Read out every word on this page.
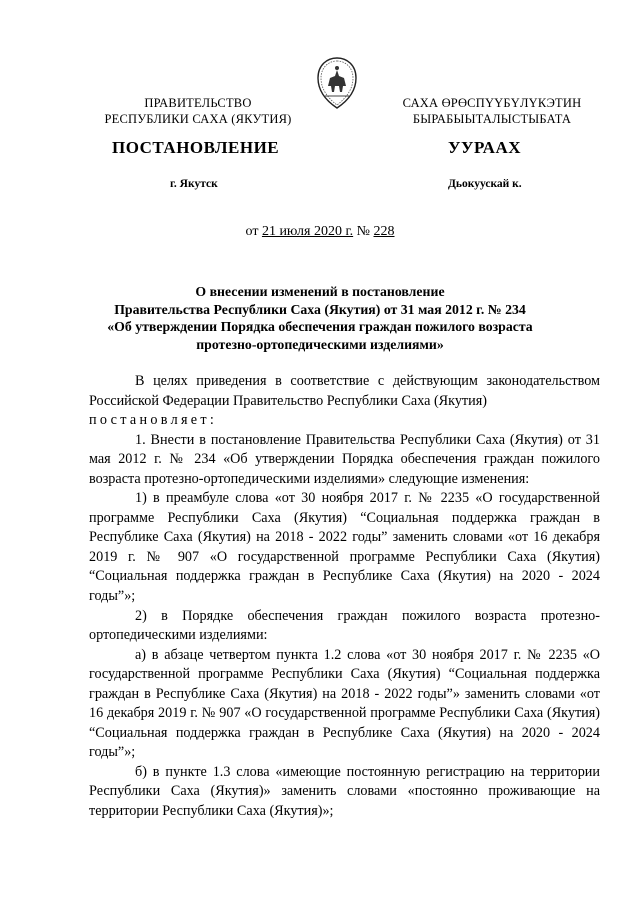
ПРАВИТЕЛЬСТВО
РЕСПУБЛИКИ САХА (ЯКУТИЯ)
САХА ӨРӨСПҮҮБҮЛҮКЭТИН
БЫРАБЫЫТАЛЫСТЫБАТА
ПОСТАНОВЛЕНИЕ	УУРААХ
г. Якутск	Дьокуускай к.
от 21 июля 2020 г. № 228
О внесении изменений в постановление
Правительства Республики Саха (Якутия) от 31 мая 2012 г. № 234
«Об утверждении Порядка обеспечения граждан пожилого возраста
протезно-ортопедическими изделиями»

В целях приведения в соответствие с действующим законодательством Российской Федерации Правительство Республики Саха (Якутия)

постановляет:

1. Внести в постановление Правительства Республики Саха (Якутия) от 31 мая 2012 г. № 234 «Об утверждении Порядка обеспечения граждан пожилого возраста протезно-ортопедическими изделиями» следующие изменения:

1) в преамбуле слова «от 30 ноября 2017 г. № 2235 «О государственной программе Республики Саха (Якутия) “Социальная поддержка граждан в Республике Саха (Якутия) на 2018 - 2022 годы” заменить словами «от 16 декабря 2019 г. № 907 «О государственной программе Республики Саха (Якутия) “Социальная поддержка граждан в Республике Саха (Якутия) на 2020 - 2024 годы”»;

2) в Порядке обеспечения граждан пожилого возраста протезно-ортопедическими изделиями:

а) в абзаце четвертом пункта 1.2 слова «от 30 ноября 2017 г. № 2235 «О государственной программе Республики Саха (Якутия) “Социальная поддержка граждан в Республике Саха (Якутия) на 2018 - 2022 годы”» заменить словами «от 16 декабря 2019 г. № 907 «О государственной программе Республики Саха (Якутия) “Социальная поддержка граждан в Республике Саха (Якутия) на 2020 - 2024 годы”»;

б) в пункте 1.3 слова «имеющие постоянную регистрацию на территории Республики Саха (Якутия)» заменить словами «постоянно проживающие на территории Республики Саха (Якутия)»;
